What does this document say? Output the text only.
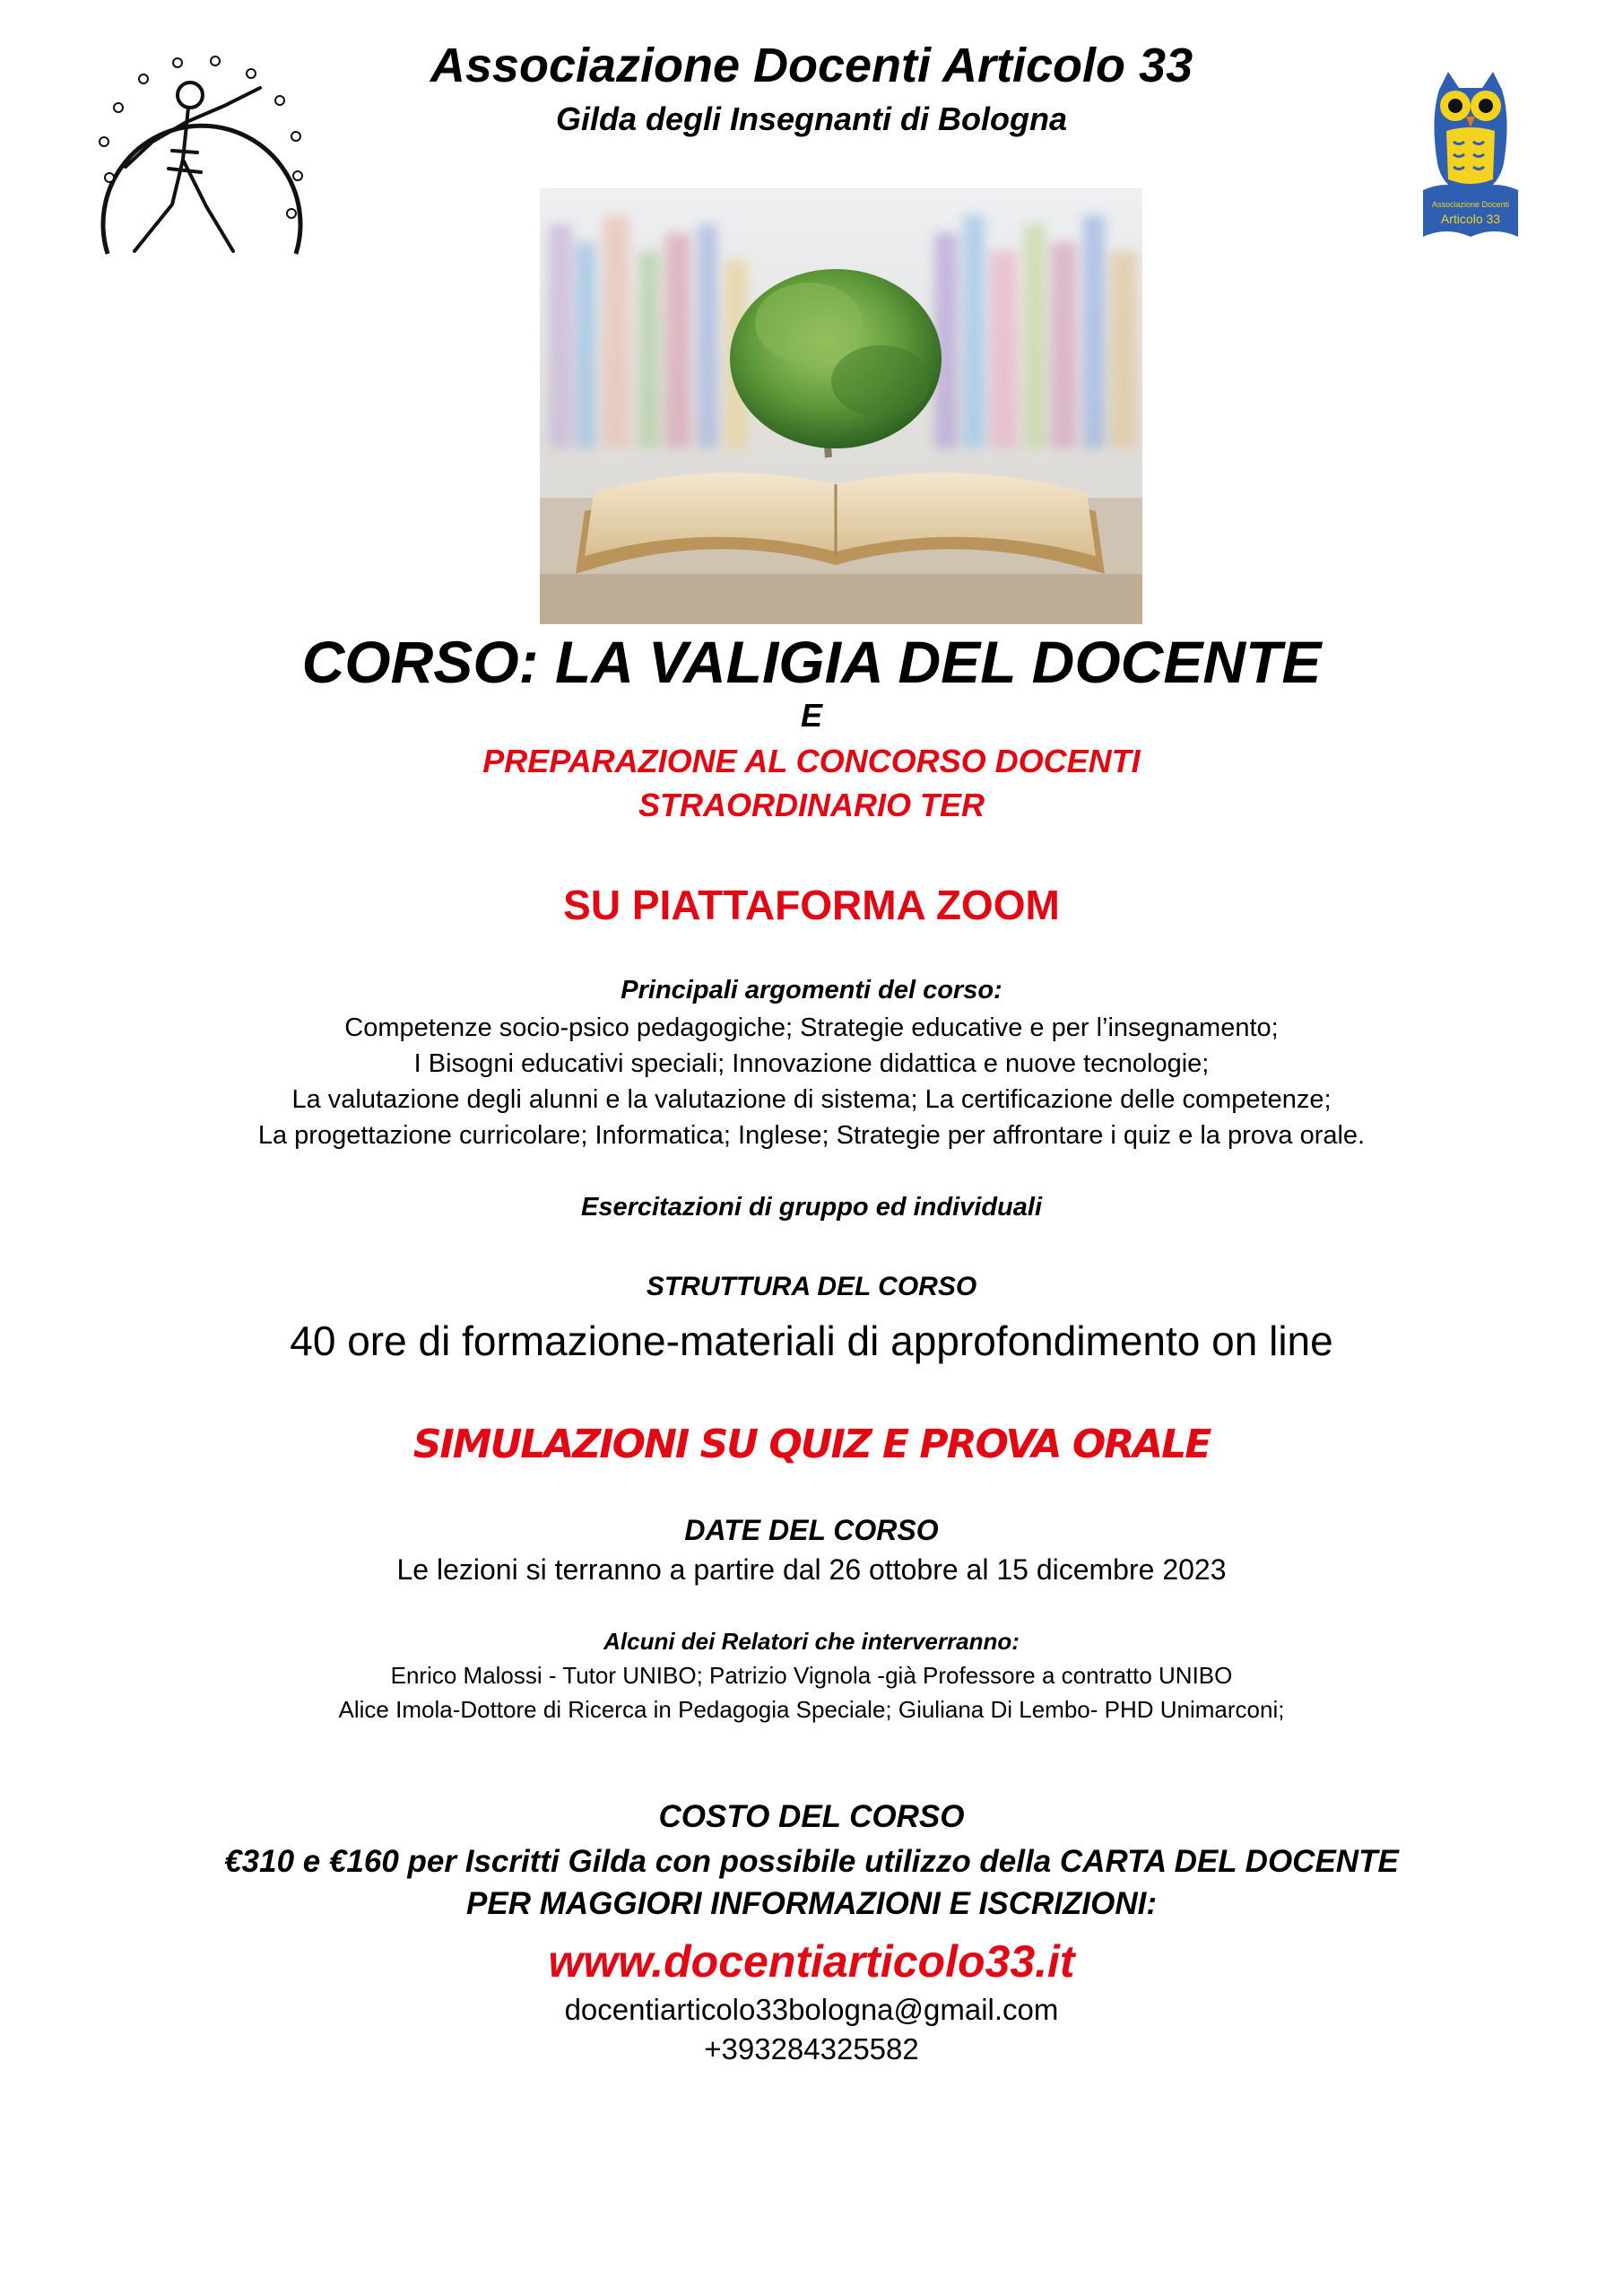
Associazione Docenti
Articolo 33
Associazione Docenti Articolo 33
Gilda degli Insegnanti di Bologna
CORSO: LA VALIGIA DEL DOCENTE
E
PREPARAZIONE AL CONCORSO DOCENTI
STRAORDINARIO TER
SU PIATTAFORMA ZOOM
Principali argomenti del corso:
Competenze socio-psico pedagogiche; Strategie educative e per l’insegnamento;
I Bisogni educativi speciali; Innovazione didattica e nuove tecnologie;
La valutazione degli alunni e la valutazione di sistema; La certificazione delle competenze;
La progettazione curricolare; Informatica; Inglese; Strategie per affrontare i quiz e la prova orale.
Esercitazioni di gruppo ed individuali
STRUTTURA DEL CORSO
40 ore di formazione-materiali di approfondimento on line
SIMULAZIONI SU QUIZ E PROVA ORALE
DATE DEL CORSO
Le lezioni si terranno a partire dal 26 ottobre al 15 dicembre 2023
Alcuni dei Relatori che interverranno:
Enrico Malossi - Tutor UNIBO; Patrizio Vignola -già Professore a contratto UNIBO
Alice Imola-Dottore di Ricerca in Pedagogia Speciale; Giuliana Di Lembo- PHD Unimarconi;
COSTO DEL CORSO
€310 e €160 per Iscritti Gilda con possibile utilizzo della CARTA DEL DOCENTE
PER MAGGIORI INFORMAZIONI E ISCRIZIONI:
www.docentiarticolo33.it
docentiarticolo33bologna@gmail.com
+393284325582
